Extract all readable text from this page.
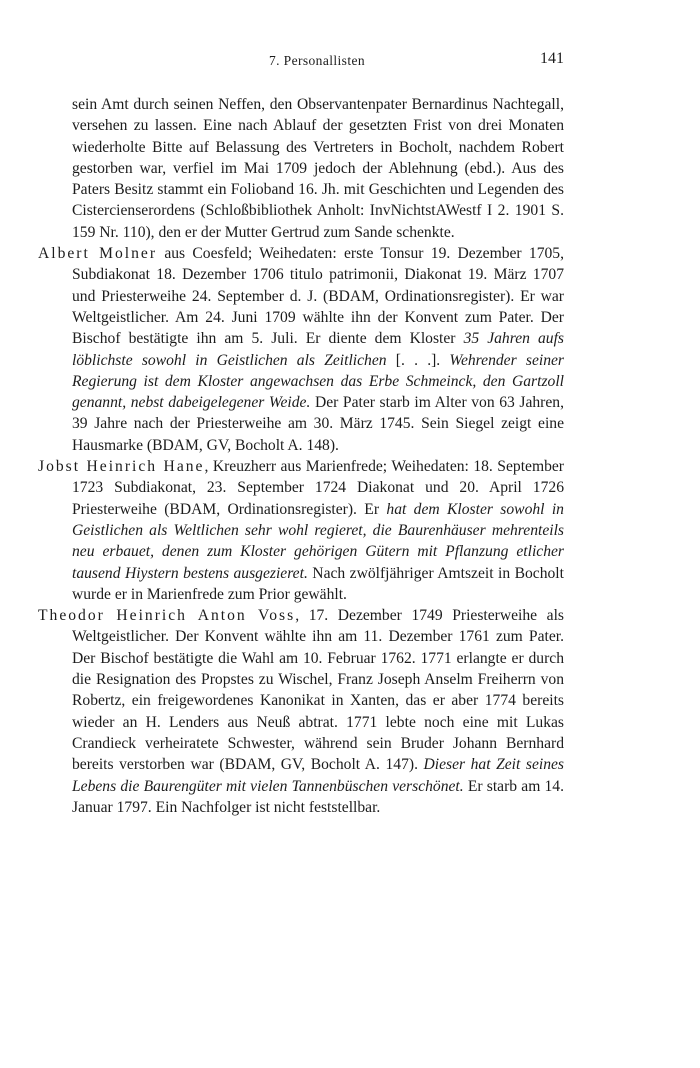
7. Personallisten	141

sein Amt durch seinen Neffen, den Observantenpater Bernardinus Nachtegall, versehen zu lassen. Eine nach Ablauf der gesetzten Frist von drei Monaten wiederholte Bitte auf Belassung des Vertreters in Bocholt, nachdem Robert gestorben war, verfiel im Mai 1709 jedoch der Ablehnung (ebd.). Aus des Paters Besitz stammt ein Folioband 16. Jh. mit Geschichten und Legenden des Cistercienserordens (Schloßbibliothek Anholt: InvNichtstAWestf I 2. 1901 S. 159 Nr. 110), den er der Mutter Gertrud zum Sande schenkte.

Albert Molner aus Coesfeld; Weihedaten: erste Tonsur 19. Dezember 1705, Subdiakonat 18. Dezember 1706 titulo patrimonii, Diakonat 19. März 1707 und Priesterweihe 24. September d. J. (BDAM, Ordinationsregister). Er war Weltgeistlicher. Am 24. Juni 1709 wählte ihn der Konvent zum Pater. Der Bischof bestätigte ihn am 5. Juli. Er diente dem Kloster 35 Jahren aufs löblichste sowohl in Geistlichen als Zeitlichen [. . .]. Wehrender seiner Regierung ist dem Kloster angewachsen das Erbe Schmeinck, den Gartzoll genannt, nebst dabeigelegener Weide. Der Pater starb im Alter von 63 Jahren, 39 Jahre nach der Priesterweihe am 30. März 1745. Sein Siegel zeigt eine Hausmarke (BDAM, GV, Bocholt A. 148).

Jobst Heinrich Hane, Kreuzherr aus Marienfrede; Weihedaten: 18. September 1723 Subdiakonat, 23. September 1724 Diakonat und 20. April 1726 Priesterweihe (BDAM, Ordinationsregister). Er hat dem Kloster sowohl in Geistlichen als Weltlichen sehr wohl regieret, die Baurenhäuser mehrenteils neu erbauet, denen zum Kloster gehörigen Gütern mit Pflanzung etlicher tausend Hiystern bestens ausgezieret. Nach zwölfjähriger Amtszeit in Bocholt wurde er in Marienfrede zum Prior gewählt.

Theodor Heinrich Anton Voss, 17. Dezember 1749 Priesterweihe als Weltgeistlicher. Der Konvent wählte ihn am 11. Dezember 1761 zum Pater. Der Bischof bestätigte die Wahl am 10. Februar 1762. 1771 erlangte er durch die Resignation des Propstes zu Wischel, Franz Joseph Anselm Freiherrn von Robertz, ein freigewordenes Kanonikat in Xanten, das er aber 1774 bereits wieder an H. Lenders aus Neuß abtrat. 1771 lebte noch eine mit Lukas Crandieck verheiratete Schwester, während sein Bruder Johann Bernhard bereits verstorben war (BDAM, GV, Bocholt A. 147). Dieser hat Zeit seines Lebens die Baurengüter mit vielen Tannenbüschen verschönet. Er starb am 14. Januar 1797. Ein Nachfolger ist nicht feststellbar.
